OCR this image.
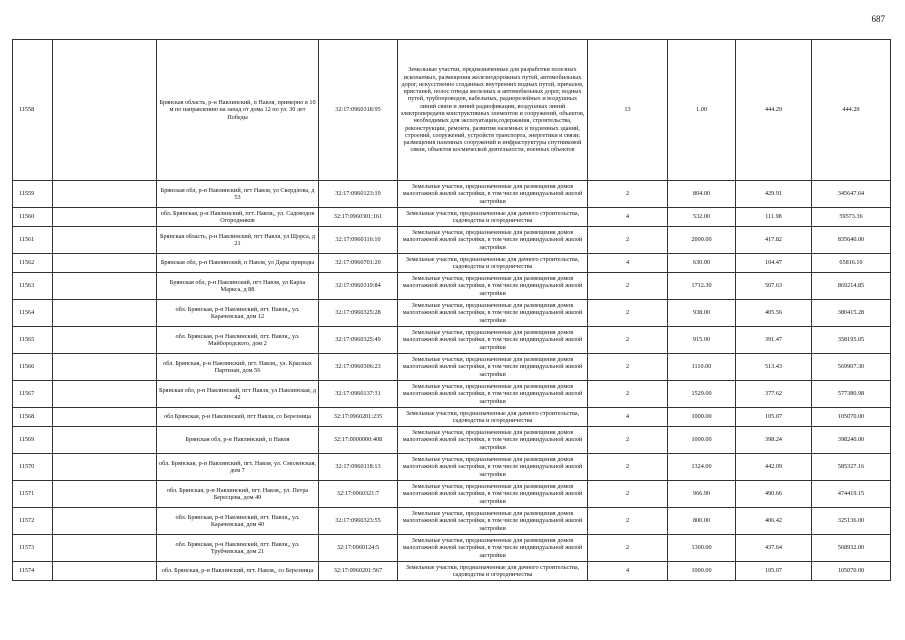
687
11558		Брянская область, р-н Навлинский, п Навля, примерно в 10 м по направлению на запад от дома 12 по ул. 30 лет Победы	32:17:0960318:95	Земельные участки, предназначенные для разработки полезных ископаемых, размещения железнодорожных путей, автомобильных дорог, искусственно созданных внутренних водных путей, причалов, пристаней, полос отвода железных и автомобильных дорог, водных путей, трубопроводов, кабельных, радиорелейных и воздушных линий связи и линий радиофикации, воздушных линий электропередачи конструктивных элементов и сооружений, объектов, необходимых для эксплуатации,содержания, строительства, реконструкции, ремонта, развития наземных и подземных зданий, строений, сооружений, устройств транспорта, энергетики и связи; размещения наземных сооружений и инфраструктуры спутниковой связи, объектов космической деятельности, военных объектов	13	1.00	444.29	444.29
11559		Брянская обл, р-н Навлинский, пгт Навля, ул Свердлова, д 53	32:17:0960123:19	Земельные участки, предназначенные для размещения домов малоэтажной жилой застройки, в том числе индивидуальной жилой застройки	2	804.00	429.91	345647.64
11560		обл. Брянская, р-н Навлинский, пгт. Навля,, ул. Садоводов Огородников	32:17:0960301:161	Земельные участки, предназначенные для дачного строительства, садоводства и огородничества	4	532.00	111.98	59573.36
11561		Брянская область, р-н Навлинский, пгт Навля, ул Щорса, д 21	32:17:0960116:10	Земельные участки, предназначенные для размещения домов малоэтажной жилой застройки, в том числе индивидуальной жилой застройки	2	2000.00	417.82	835640.00
11562		Брянская обл, р-н Навлинский, п Навля, ул Дары природы	32:17:0960701:20	Земельные участки, предназначенные для дачного строительства, садоводства и огородничества	4	630.00	104.47	65816.10
11563		Брянская обл, р-н Навлинский, пгт Навля, ул Карла Маркса, д 88	32:17:0960319:84	Земельные участки, предназначенные для размещения домов малоэтажной жилой застройки, в том числе индивидуальной жилой застройки	2	1712.30	507.63	869214.85
11564		обл. Брянская, р-н Навлинский, пгт. Навля,, ул. Карачевская, дом 12	32:17:0960325:28	Земельные участки, предназначенные для размещения домов малоэтажной жилой застройки, в том числе индивидуальной жилой застройки	2	938.00	405.56	380415.28
11565		обл. Брянская, р-н Навлинский, пгт. Навля,, ул. Майбородского, дом 2	32:17:0960325:49	Земельные участки, предназначенные для размещения домов малоэтажной жилой застройки, в том числе индивидуальной жилой застройки	2	915.00	391.47	358195.05
11566		обл. Брянская, р-н Навлинский, пгт. Навля,, ул. Красных Партизан, дом 56	32:17:0960306:23	Земельные участки, предназначенные для размещения домов малоэтажной жилой застройки, в том числе индивидуальной жилой застройки	2	1110.00	513.43	569907.30
11567		Брянская обл, р-н Навлинский, пгт Навля, ул Навлинская, д 42	32:17:0960137:31	Земельные участки, предназначенные для размещения домов малоэтажной жилой застройки, в том числе индивидуальной жилой застройки	2	1529.00	377.62	577380.98
11568		обл Брянская, р-н Навлинский, пгт Навля, со Березница	32:17:0960201:235	Земельные участки, предназначенные для дачного строительства, садоводства и огородничества	4	1000.00	105.07	105070.00
11569		Брянская обл, р-н Навлинский, п Навля	32:17:0000000:408	Земельные участки, предназначенные для размещения домов малоэтажной жилой застройки, в том числе индивидуальной жилой застройки	2	1000.00	398.24	398240.00
11570		обл. Брянская, р-н Навлинский, пгт. Навля, ул. Смоленская, дом 7	32:17:0960118:13	Земельные участки, предназначенные для размещения домов малоэтажной жилой застройки, в том числе индивидуальной жилой застройки	2	1324.00	442.09	585327.16
11571		обл. Брянская, р-н Навлинский, пгт. Навля,, ул. Петра Бересцева, дом 49	32:17:0960321:7	Земельные участки, предназначенные для размещения домов малоэтажной жилой застройки, в том числе индивидуальной жилой застройки	2	966.90	490.66	474419.15
11572		обл. Брянская, р-н Навлинский, пгт. Навля,, ул. Карачевская, дом 40	32:17:0960323:55	Земельные участки, предназначенные для размещения домов малоэтажной жилой застройки, в том числе индивидуальной жилой застройки	2	800.00	406.42	325136.00
11573		обл. Брянская, р-н Навлинский, пгт. Навля,, ул. Трубчевская, дом 21	32:17:0960124:5	Земельные участки, предназначенные для размещения домов малоэтажной жилой застройки, в том числе индивидуальной жилой застройки	2	1300.00	437.64	568932.00
11574		обл. Брянская, р-н Навлинский, пгт. Навля,, со Березница	32:17:0960201:567	Земельные участки, предназначенные для дачного строительства, садоводства и огородничества	4	1000.00	105.07	105070.00
